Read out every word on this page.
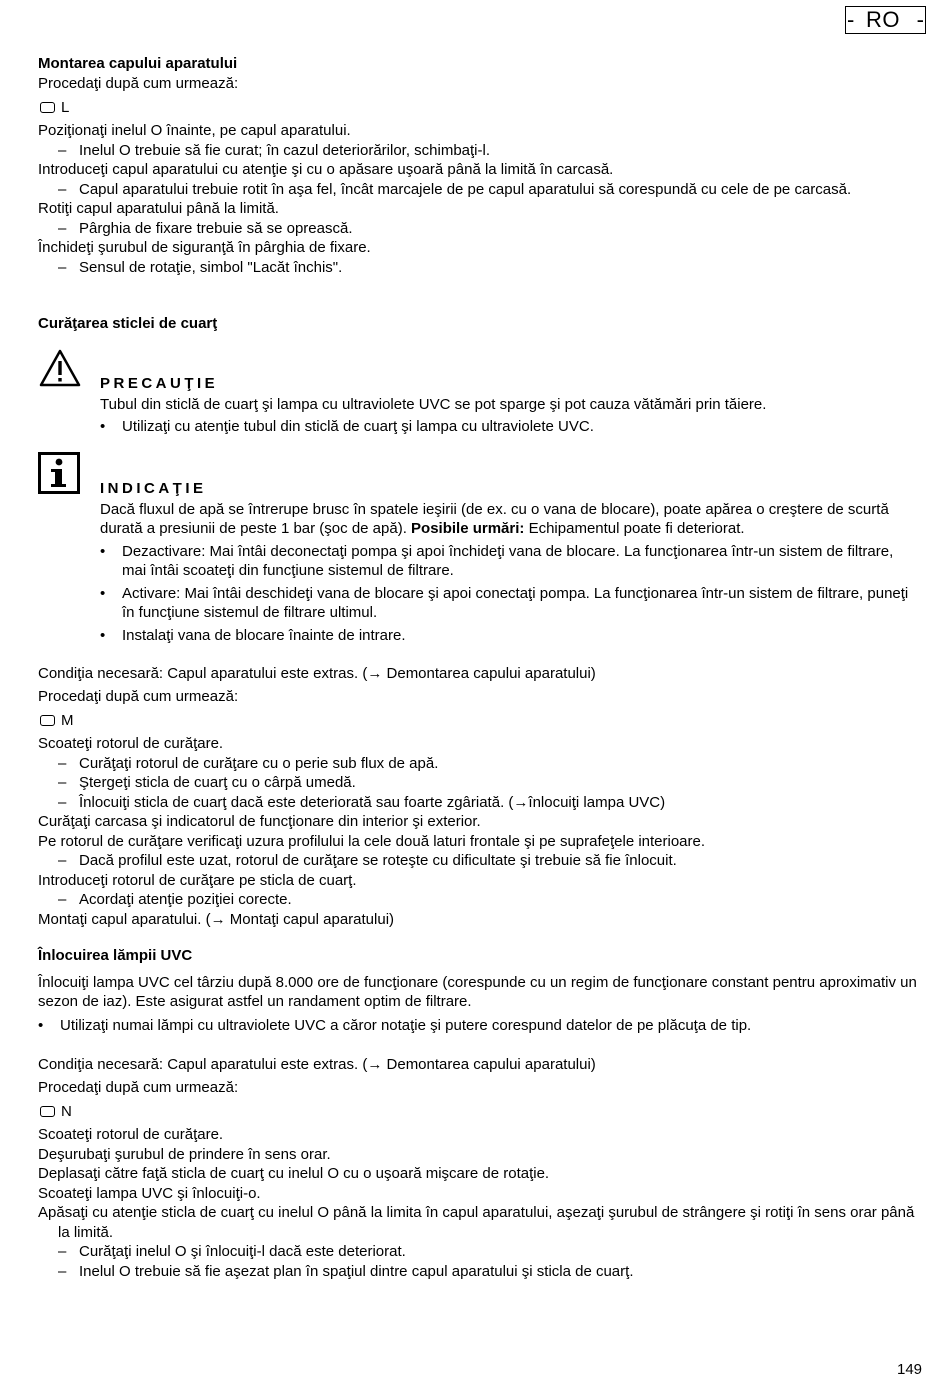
- RO -
Montarea capului aparatului
Procedaţi după cum urmează:
L
Poziţionaţi inelul O înainte, pe capul aparatului.
– Inelul O trebuie să fie curat; în cazul deteriorărilor, schimbaţi-l.
Introduceţi capul aparatului cu atenţie şi cu o apăsare uşoară până la limită în carcasă.
– Capul aparatului trebuie rotit în aşa fel, încât marcajele de pe capul aparatului să corespundă cu cele de pe carcasă.
Rotiţi capul aparatului până la limită.
– Pârghia de fixare trebuie să se oprească.
Închideţi şurubul de siguranţă în pârghia de fixare.
– Sensul de rotaţie, simbol "Lacăt închis".
Curăţarea sticlei de cuarţ
PRECAUŢIE
Tubul din sticlă de cuarţ şi lampa cu ultraviolete UVC se pot sparge şi pot cauza vătămări prin tăiere.
• Utilizaţi cu atenţie tubul din sticlă de cuarţ şi lampa cu ultraviolete UVC.
INDICAŢIE
Dacă fluxul de apă se întrerupe brusc în spatele ieşirii (de ex. cu o vana de blocare), poate apărea o creştere de scurtă durată a presiunii de peste 1 bar (şoc de apă). Posibile urmări: Echipamentul poate fi deteriorat.
• Dezactivare: Mai întâi deconectaţi pompa şi apoi închideţi vana de blocare. La funcţionarea într-un sistem de filtrare, mai întâi scoateţi din funcţiune sistemul de filtrare.
• Activare: Mai întâi deschideţi vana de blocare şi apoi conectaţi pompa. La funcţionarea într-un sistem de filtrare, puneţi în funcţiune sistemul de filtrare ultimul.
• Instalaţi vana de blocare înainte de intrare.
Condiţia necesară: Capul aparatului este extras. (→ Demontarea capului aparatului)
Procedaţi după cum urmează:
M
Scoateţi rotorul de curăţare.
– Curăţaţi rotorul de curăţare cu o perie sub flux de apă.
– Ştergeţi sticla de cuarţ cu o cârpă umedă.
– Înlocuiţi sticla de cuarţ dacă este deteriorată sau foarte zgâriată. (→înlocuiţi lampa UVC)
Curăţaţi carcasa şi indicatorul de funcţionare din interior şi exterior.
Pe rotorul de curăţare verificaţi uzura profilului la cele două laturi frontale şi pe suprafeţele interioare.
– Dacă profilul este uzat, rotorul de curăţare se roteşte cu dificultate şi trebuie să fie înlocuit.
Introduceţi rotorul de curăţare pe sticla de cuarţ.
– Acordaţi atenţie poziţiei corecte.
Montaţi capul aparatului. (→ Montaţi capul aparatului)
Înlocuirea lămpii UVC
Înlocuiţi lampa UVC cel târziu după 8.000 ore de funcţionare (corespunde cu un regim de funcţionare constant pentru aproximativ un sezon de iaz). Este asigurat astfel un randament optim de filtrare.
• Utilizaţi numai lămpi cu ultraviolete UVC a căror notaţie şi putere corespund datelor de pe plăcuţa de tip.
Condiţia necesară: Capul aparatului este extras. (→ Demontarea capului aparatului)
Procedaţi după cum urmează:
N
Scoateţi rotorul de curăţare.
Deşurubaţi şurubul de prindere în sens orar.
Deplasaţi către faţă sticla de cuarţ cu inelul O cu o uşoară mişcare de rotaţie.
Scoateţi lampa UVC şi înlocuiţi-o.
Apăsaţi cu atenţie sticla de cuarţ cu inelul O până la limita în capul aparatului, aşezaţi şurubul de strângere şi rotiţi în sens orar până la limită.
– Curăţaţi inelul O şi înlocuiţi-l dacă este deteriorat.
– Inelul O trebuie să fie aşezat plan în spaţiul dintre capul aparatului şi sticla de cuarţ.
149
